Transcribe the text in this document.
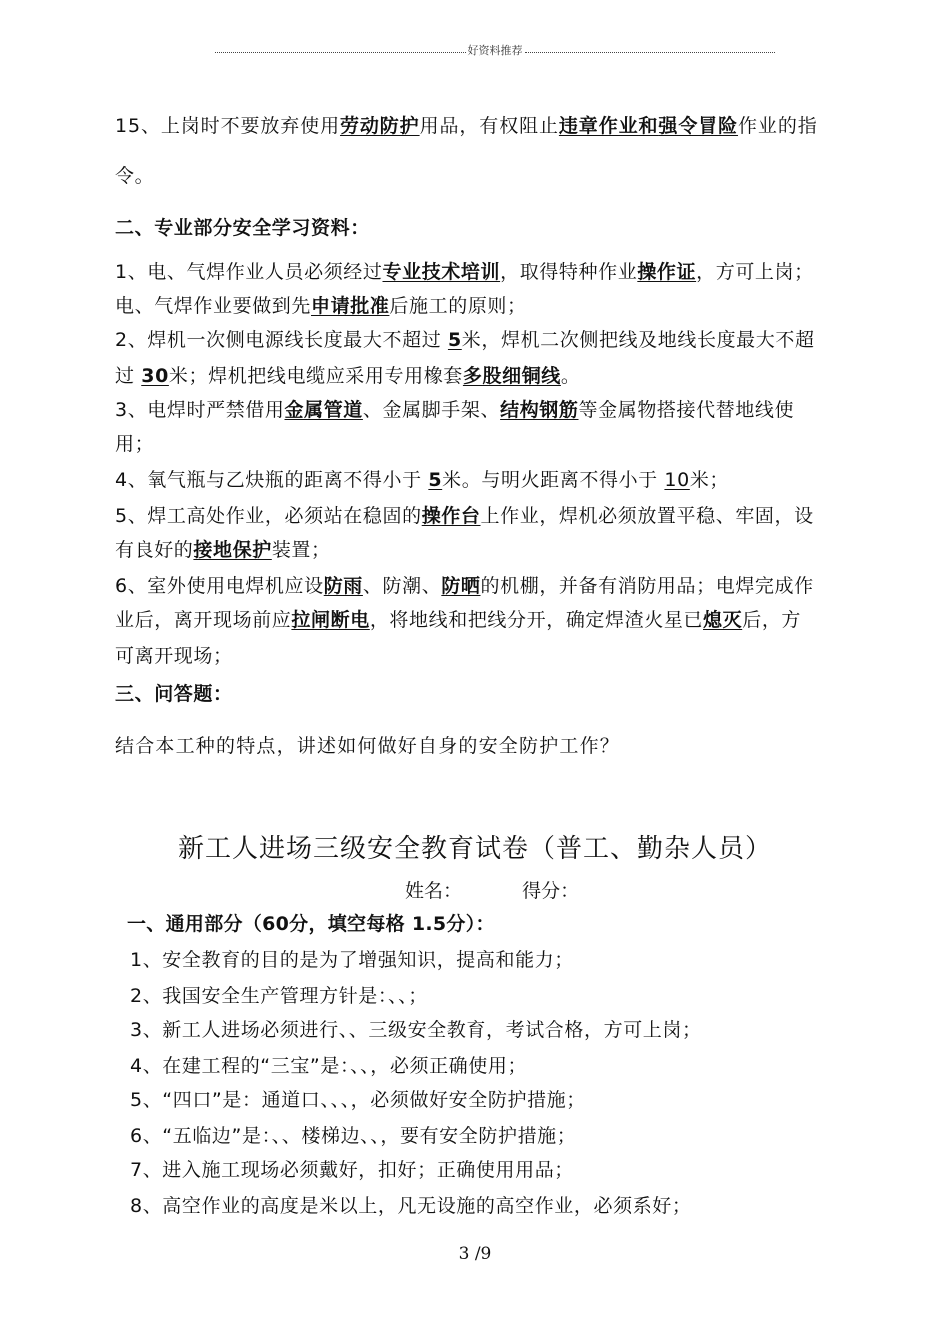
好资料推荐
15、上岗时不要放弃使用劳动防护用品，有权阻止违章作业和强令冒险作业的指
令。
二、专业部分安全学习资料：
1、电、气焊作业人员必须经过专业技术培训，取得特种作业操作证，方可上岗；
电、气焊作业要做到先申请批准后施工的原则；
2、焊机一次侧电源线长度最大不超过 5米，焊机二次侧把线及地线长度最大不超
过 30米；焊机把线电缆应采用专用橡套多股细铜线。
3、电焊时严禁借用金属管道、金属脚手架、结构钢筋等金属物搭接代替地线使
用；
4、氧气瓶与乙炔瓶的距离不得小于 5米。与明火距离不得小于 10米；
5、焊工高处作业，必须站在稳固的操作台上作业，焊机必须放置平稳、牢固，设
有良好的接地保护装置；
6、室外使用电焊机应设防雨、防潮、防晒的机棚，并备有消防用品；电焊完成作
业后，离开现场前应拉闸断电，将地线和把线分开，确定焊渣火星已熄灭后，方
可离开现场；
三、问答题：
结合本工种的特点，讲述如何做好自身的安全防护工作？
新工人进场三级安全教育试卷（普工、勤杂人员）
姓名：	得分：
一、通用部分（60分，填空每格 1.5分）：
1、安全教育的目的是为了增强知识，提高和能力；
2、我国安全生产管理方针是：、、；
3、新工人进场必须进行、、三级安全教育，考试合格，方可上岗；
4、在建工程的“三宝”是：、、，必须正确使用；
5、“四口”是：通道口、、、，必须做好安全防护措施；
6、“五临边”是：、、楼梯边、、，要有安全防护措施；
7、进入施工现场必须戴好，扣好；正确使用用品；
8、高空作业的高度是米以上，凡无设施的高空作业，必须系好；
3 /9
